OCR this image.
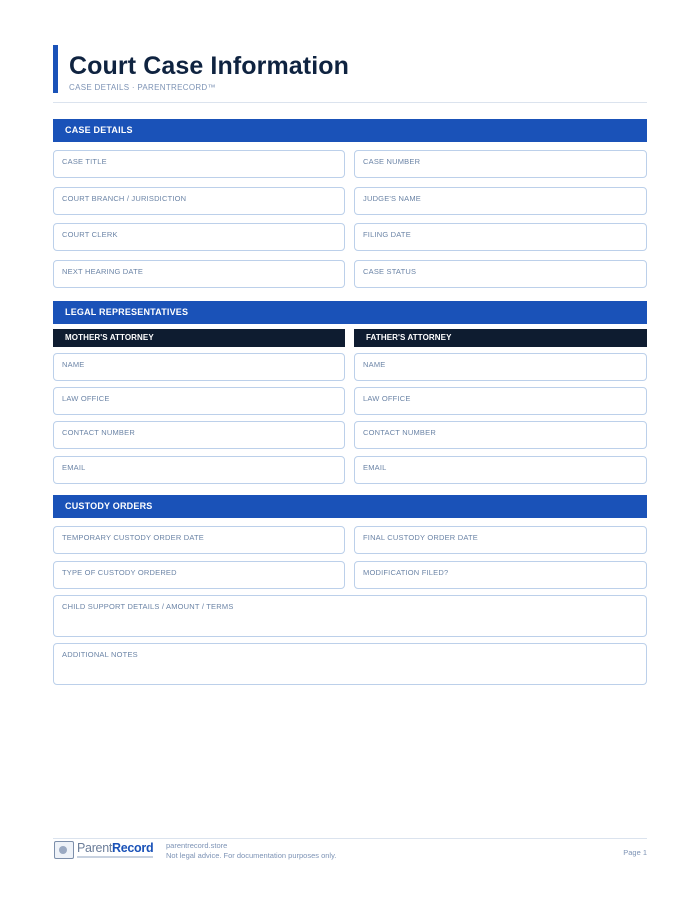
Court Case Information
CASE DETAILS · PARENTRECORD™
CASE DETAILS
CASE TITLE	CASE NUMBER
COURT BRANCH / JURISDICTION	JUDGE'S NAME
COURT CLERK	FILING DATE
NEXT HEARING DATE	CASE STATUS
LEGAL REPRESENTATIVES
MOTHER'S ATTORNEY	FATHER'S ATTORNEY
NAME	NAME
LAW OFFICE	LAW OFFICE
CONTACT NUMBER	CONTACT NUMBER
EMAIL	EMAIL
CUSTODY ORDERS
TEMPORARY CUSTODY ORDER DATE	FINAL CUSTODY ORDER DATE
TYPE OF CUSTODY ORDERED	MODIFICATION FILED?
CHILD SUPPORT DETAILS / AMOUNT / TERMS
ADDITIONAL NOTES
ParentRecord parentrecord.store
Not legal advice. For documentation purposes only.	Page 1
